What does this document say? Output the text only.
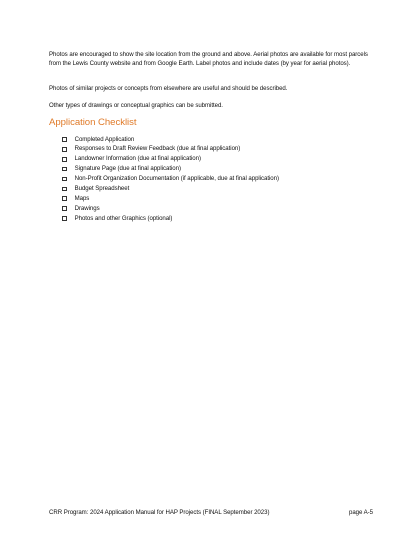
Photos are encouraged to show the site location from the ground and above. Aerial photos are available for most parcels from the Lewis County website and from Google Earth. Label photos and include dates (by year for aerial photos).

Photos of similar projects or concepts from elsewhere are useful and should be described.

Other types of drawings or conceptual graphics can be submitted.

Application Checklist
Completed Application
Responses to Draft Review Feedback (due at final application)
Landowner Information (due at final application)
Signature Page (due at final application)
Non-Profit Organization Documentation (if applicable, due at final application)
Budget Spreadsheet
Maps
Drawings
Photos and other Graphics (optional)
CRR Program: 2024 Application Manual for HAP Projects (FINAL September 2023)	page A-5
